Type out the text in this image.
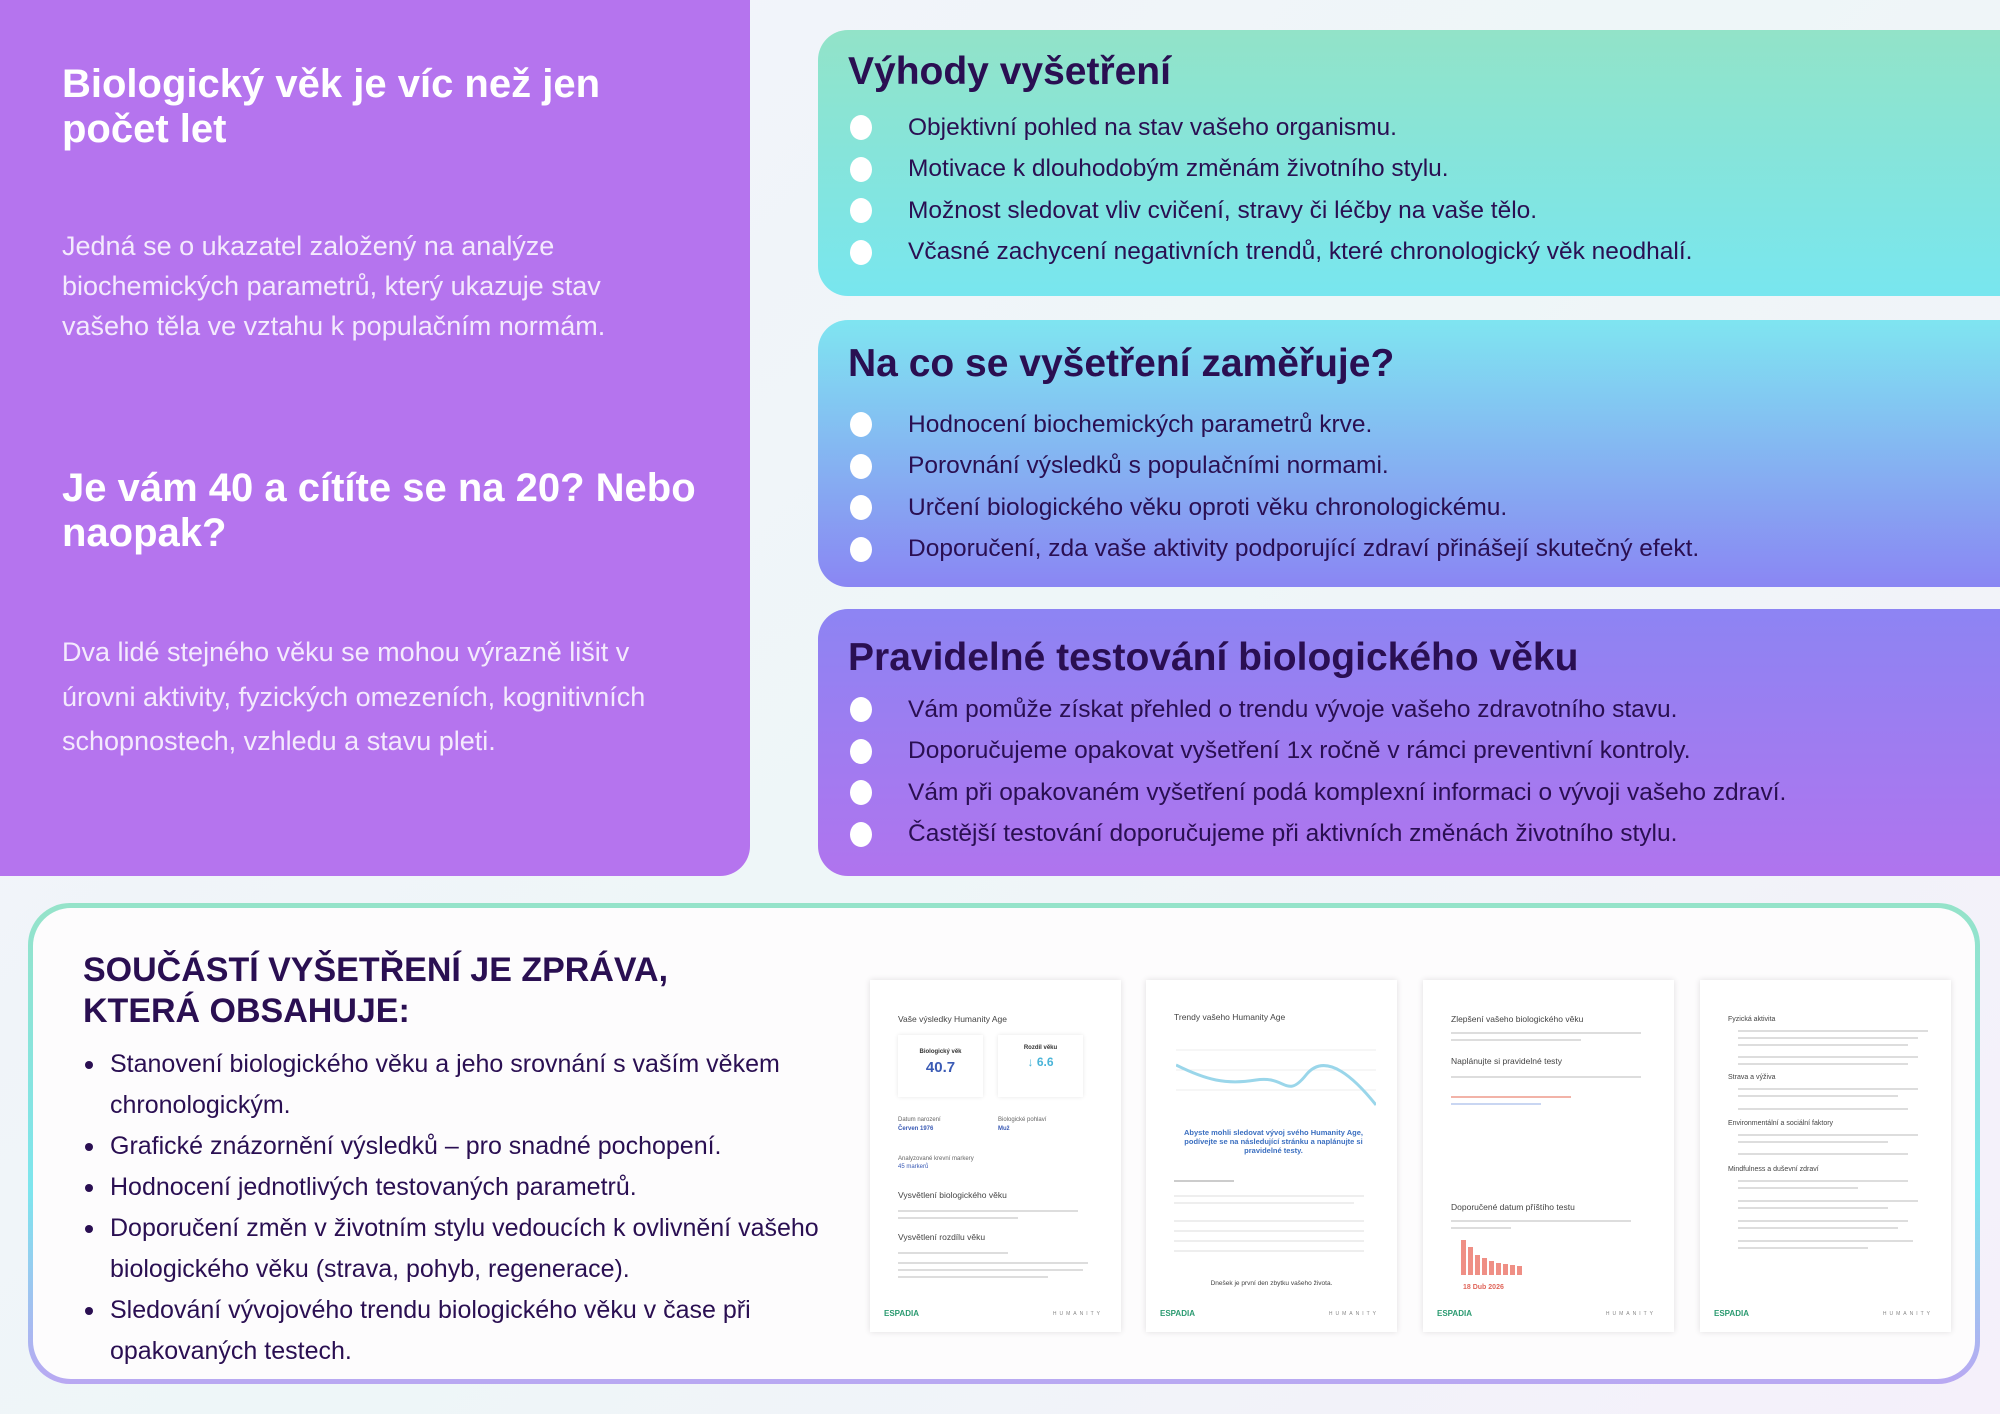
Biologický věk je víc než jen počet let

Jedná se o ukazatel založený na analýze biochemických parametrů, který ukazuje stav vašeho těla ve vztahu k populačním normám.

Je vám 40 a cítíte se na 20? Nebo naopak?

Dva lidé stejného věku se mohou výrazně lišit v úrovni aktivity, fyzických omezeních, kognitivních schopnostech, vzhledu a stavu pleti.

Výhody vyšetření
Objektivní pohled na stav vašeho organismu.
Motivace k dlouhodobým změnám životního stylu.
Možnost sledovat vliv cvičení, stravy či léčby na vaše tělo.
Včasné zachycení negativních trendů, které chronologický věk neodhalí.
Na co se vyšetření zaměřuje?
Hodnocení biochemických parametrů krve.
Porovnání výsledků s populačními normami.
Určení biologického věku oproti věku chronologickému.
Doporučení, zda vaše aktivity podporující zdraví přinášejí skutečný efekt.
Pravidelné testování biologického věku
Vám pomůže získat přehled o trendu vývoje vašeho zdravotního stavu.
Doporučujeme opakovat vyšetření 1x ročně v rámci preventivní kontroly.
Vám při opakovaném vyšetření podá komplexní informaci o vývoji vašeho zdraví.
Častější testování doporučujeme při aktivních změnách životního stylu.
SOUČÁSTÍ VYŠETŘENÍ JE ZPRÁVA, KTERÁ OBSAHUJE:
Stanovení biologického věku a jeho srovnání s vaším věkem chronologickým.
Grafické znázornění výsledků – pro snadné pochopení.
Hodnocení jednotlivých testovaných parametrů.
Doporučení změn v životním stylu vedoucích k ovlivnění vašeho biologického věku (strava, pohyb, regenerace).
Sledování vývojového trendu biologického věku v čase při opakovaných testech.
Vaše výsledky Humanity Age
Biologický věk
40.7
Rozdíl věku
↓ 6.6
Datum narození
Červen 1976
Biologické pohlaví
Muž
Analyzované krevní markery
45 markerů
Vysvětlení biologického věku
Vysvětlení rozdílu věku
ESPADIA	HUMANITY
Trendy vašeho Humanity Age
Abyste mohli sledovat vývoj svého Humanity Age, podívejte se na následující stránku a naplánujte si pravidelné testy.
Dnešek je první den zbytku vašeho života.
ESPADIA	HUMANITY
Zlepšení vašeho biologického věku
Naplánujte si pravidelné testy
Doporučené datum příštího testu
18 Dub 2026
ESPADIA	HUMANITY
Fyzická aktivita
Strava a výživa
Environmentální a sociální faktory
Mindfulness a duševní zdraví
ESPADIA	HUMANITY
